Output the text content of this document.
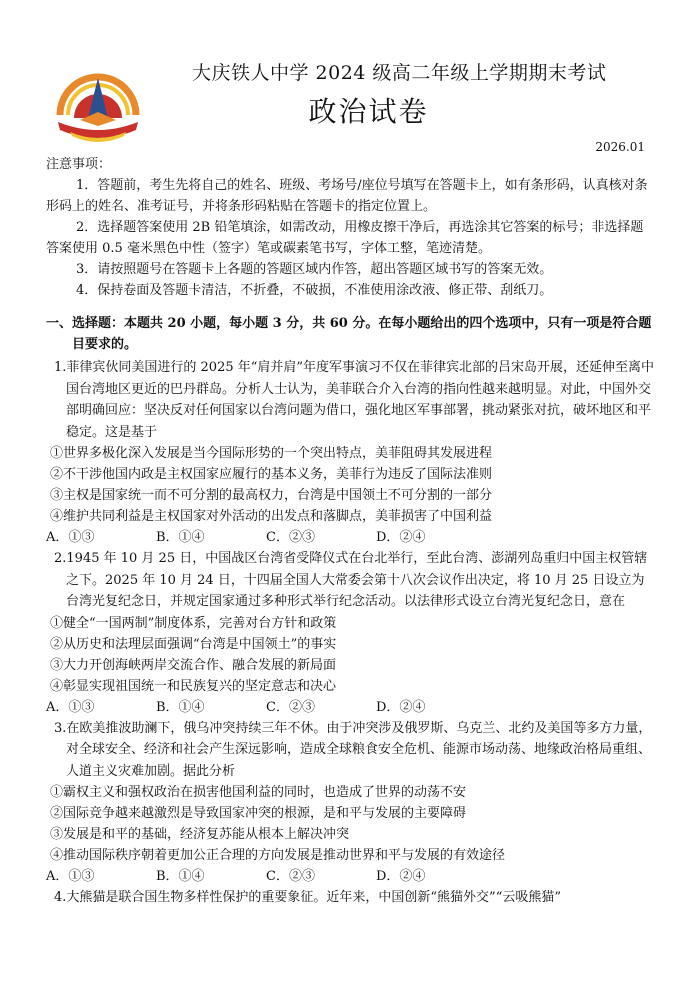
大庆铁人中学 2024 级高二年级上学期期末考试
政治试卷
2026.01

注意事项：

1．答题前，考生先将自己的姓名、班级、考场号/座位号填写在答题卡上，如有条形码，认真核对条形码上的姓名、准考证号，并将条形码粘贴在答题卡的指定位置上。

2．选择题答案使用 2B 铅笔填涂，如需改动，用橡皮擦干净后，再选涂其它答案的标号；非选择题答案使用 0.5 毫米黑色中性（签字）笔或碳素笔书写，字体工整，笔迹清楚。

3．请按照题号在答题卡上各题的答题区域内作答，超出答题区域书写的答案无效。

4．保持卷面及答题卡清洁，不折叠，不破损，不准使用涂改液、修正带、刮纸刀。

一、选择题：本题共 20 小题，每小题 3 分，共 60 分。在每小题给出的四个选项中，只有一项是符合题目要求的。

1.菲律宾伙同美国进行的 2025 年“肩并肩”年度军事演习不仅在菲律宾北部的吕宋岛开展，还延伸至离中国台湾地区更近的巴丹群岛。分析人士认为，美菲联合介入台湾的指向性越来越明显。对此，中国外交部明确回应：坚决反对任何国家以台湾问题为借口，强化地区军事部署，挑动紧张对抗，破坏地区和平稳定。这是基于

①世界多极化深入发展是当今国际形势的一个突出特点，美菲阻碍其发展进程

②不干涉他国内政是主权国家应履行的基本义务，美菲行为违反了国际法准则

③主权是国家统一而不可分割的最高权力，台湾是中国领土不可分割的一部分

④维护共同利益是主权国家对外活动的出发点和落脚点，美菲损害了中国利益

A．①③	B．①④	C．②③	D．②④

2.1945 年 10 月 25 日，中国战区台湾省受降仪式在台北举行，至此台湾、澎湖列岛重归中国主权管辖之下。2025 年 10 月 24 日，十四届全国人大常委会第十八次会议作出决定，将 10 月 25 日设立为台湾光复纪念日，并规定国家通过多种形式举行纪念活动。以法律形式设立台湾光复纪念日，意在

①健全“一国两制”制度体系，完善对台方针和政策

②从历史和法理层面强调“台湾是中国领土”的事实

③大力开创海峡两岸交流合作、融合发展的新局面

④彰显实现祖国统一和民族复兴的坚定意志和决心

A．①③	B．①④	C．②③	D．②④

3.在欧美推波助澜下，俄乌冲突持续三年不休。由于冲突涉及俄罗斯、乌克兰、北约及美国等多方力量，对全球安全、经济和社会产生深远影响，造成全球粮食安全危机、能源市场动荡、地缘政治格局重组、人道主义灾难加剧。据此分析

①霸权主义和强权政治在损害他国利益的同时，也造成了世界的动荡不安

②国际竞争越来越激烈是导致国家冲突的根源，是和平与发展的主要障碍

③发展是和平的基础，经济复苏能从根本上解决冲突

④推动国际秩序朝着更加公正合理的方向发展是推动世界和平与发展的有效途径

A．①③	B．①④	C．②③	D．②④

4.大熊猫是联合国生物多样性保护的重要象征。近年来，中国创新“熊猫外交”“云吸熊猫”
